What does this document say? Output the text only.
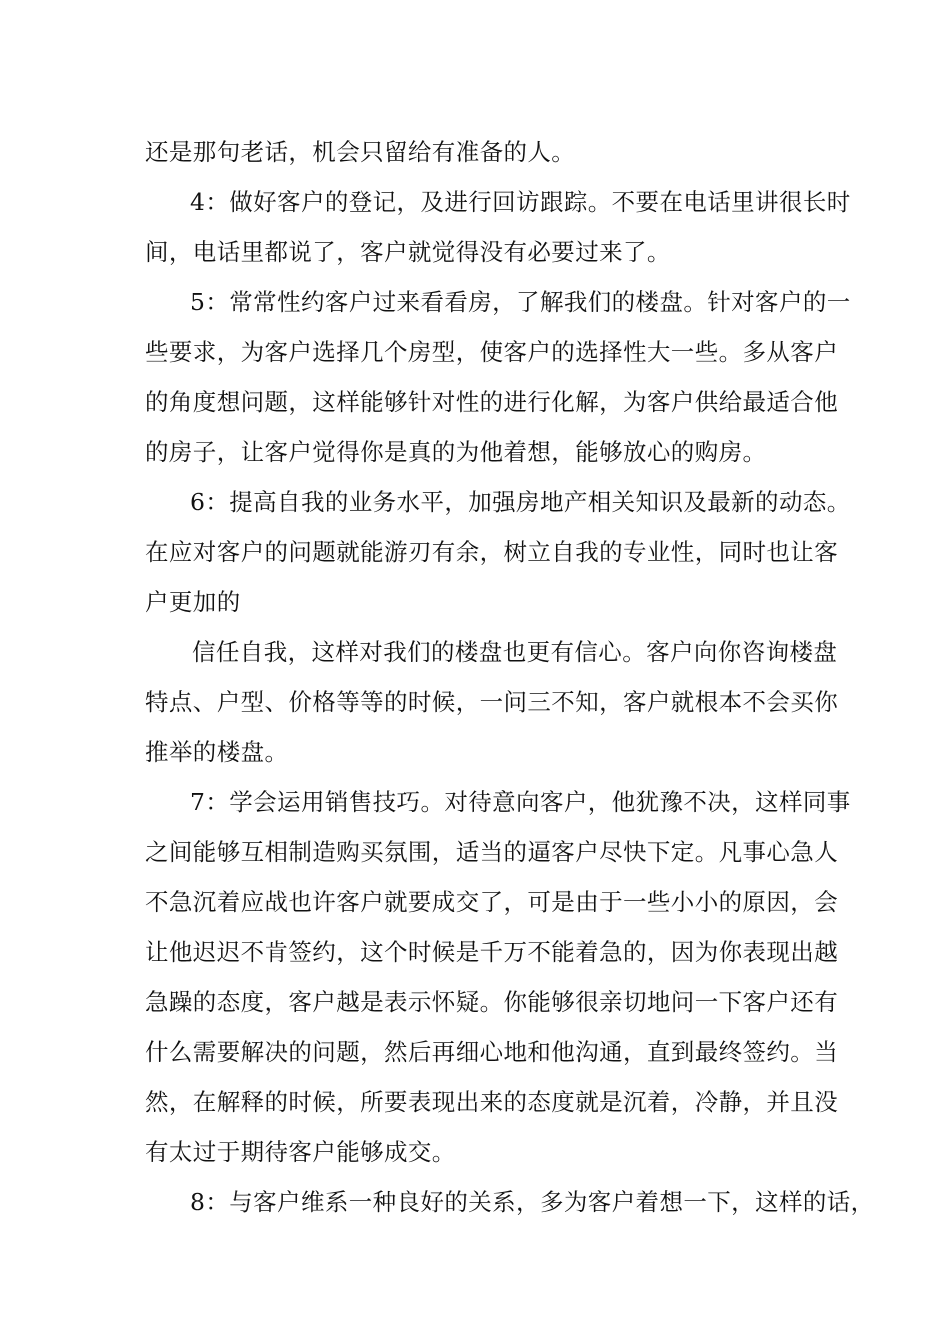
还是那句老话，机会只留给有准备的人。
4：做好客户的登记，及进行回访跟踪。不要在电话里讲很长时
间，电话里都说了，客户就觉得没有必要过来了。
5：常常性约客户过来看看房，了解我们的楼盘。针对客户的一
些要求，为客户选择几个房型，使客户的选择性大一些。多从客户
的角度想问题，这样能够针对性的进行化解，为客户供给最适合他
的房子，让客户觉得你是真的为他着想，能够放心的购房。
6：提高自我的业务水平，加强房地产相关知识及最新的动态。
在应对客户的问题就能游刃有余，树立自我的专业性，同时也让客
户更加的
信任自我，这样对我们的楼盘也更有信心。客户向你咨询楼盘
特点、户型、价格等等的时候，一问三不知，客户就根本不会买你
推举的楼盘。
7：学会运用销售技巧。对待意向客户，他犹豫不决，这样同事
之间能够互相制造购买氛围，适当的逼客户尽快下定。凡事心急人
不急沉着应战也许客户就要成交了，可是由于一些小小的原因，会
让他迟迟不肯签约，这个时候是千万不能着急的，因为你表现出越
急躁的态度，客户越是表示怀疑。你能够很亲切地问一下客户还有
什么需要解决的问题，然后再细心地和他沟通，直到最终签约。当
然，在解释的时候，所要表现出来的态度就是沉着，冷静，并且没
有太过于期待客户能够成交。
8：与客户维系一种良好的关系，多为客户着想一下，这样的话，
